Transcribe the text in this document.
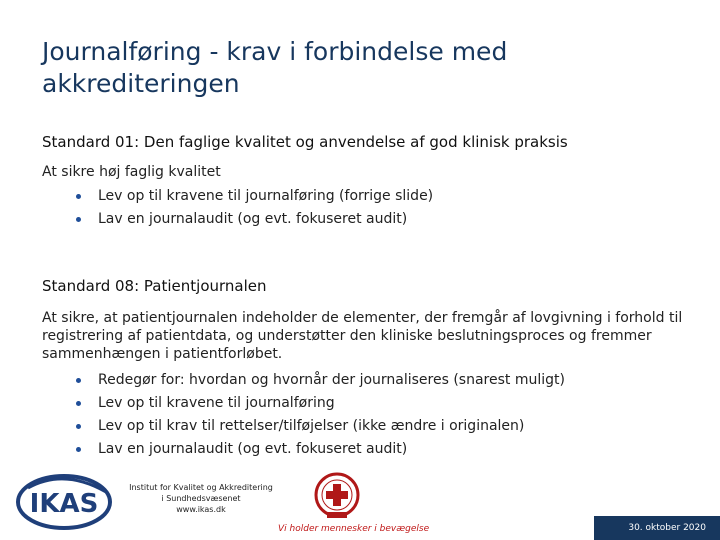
Journalføring - krav i forbindelse med
akkrediteringen
Standard 01: Den faglige kvalitet og anvendelse af god klinisk praksis
At sikre høj faglig kvalitet
Lev op til kravene til journalføring (forrige slide)
Lav en journalaudit (og evt. fokuseret audit)
Standard 08: Patientjournalen
At sikre, at patientjournalen indeholder de elementer, der fremgår af lovgivning i forhold til registrering af patientdata, og understøtter den kliniske beslutningsproces og fremmer sammenhængen i patientforløbet.
Redegør for: hvordan og hvornår der journaliseres (snarest muligt)
Lev op til kravene til journalføring
Lev op til krav til rettelser/tilføjelser (ikke ændre i originalen)
Lav en journalaudit (og evt. fokuseret audit)
IKAS
Institut for Kvalitet og Akkreditering
i Sundhedsvæsenet
www.ikas.dk
Vi holder mennesker i bevægelse	30. oktober 2020
